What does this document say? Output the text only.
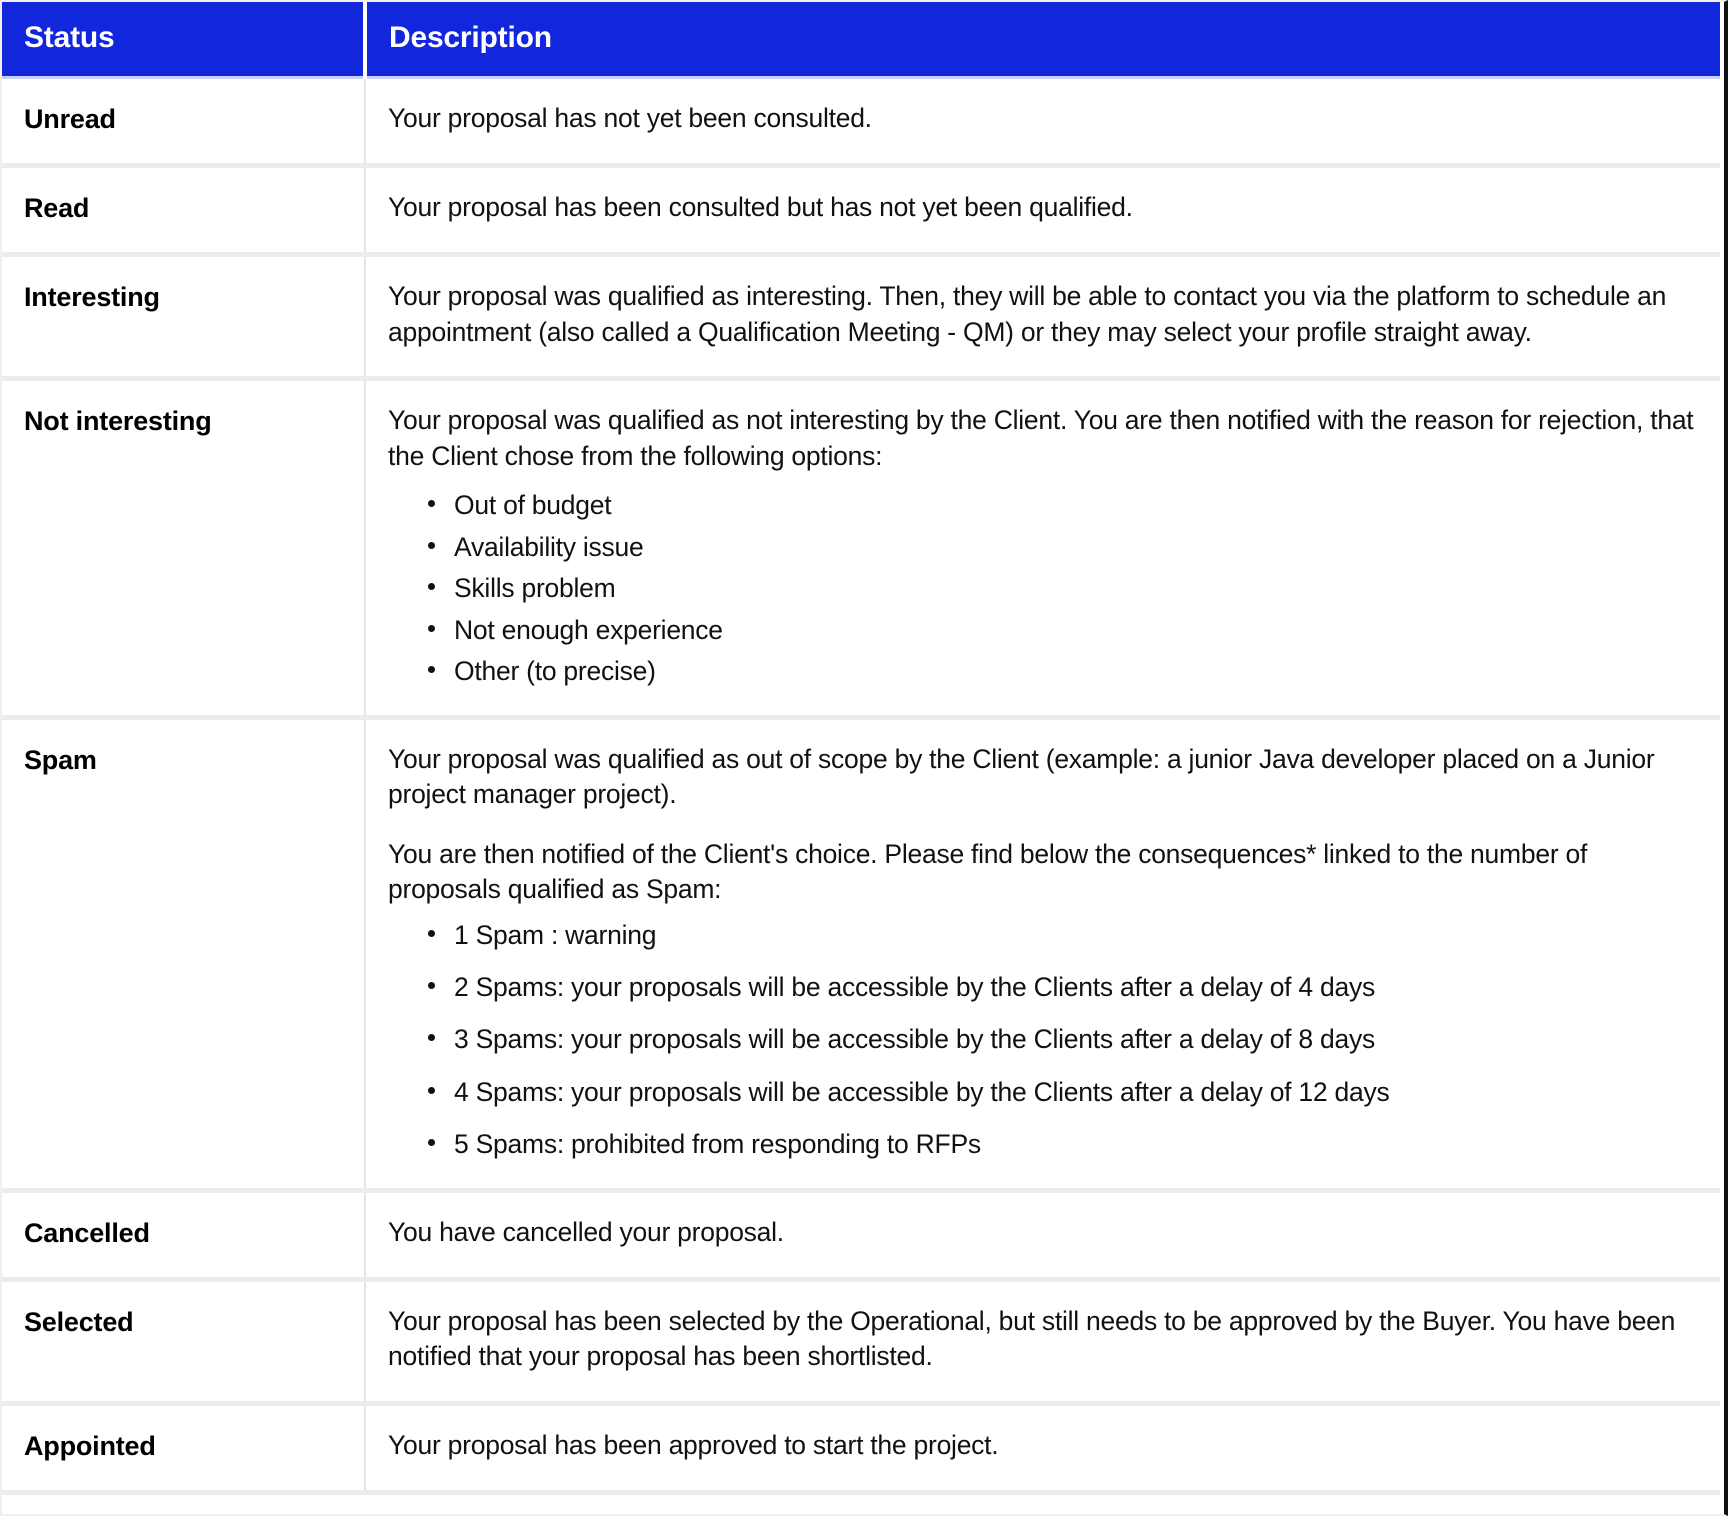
Status	Description
Unread	Your proposal has not yet been consulted.

Read	Your proposal has been consulted but has not yet been qualified.

Interesting	Your proposal was qualified as interesting. Then, they will be able to contact you via the platform to schedule an appointment (also called a Qualification Meeting - QM) or they may select your profile straight away.

Not interesting	Your proposal was qualified as not interesting by the Client. You are then notified with the reason for rejection, that the Client chose from the following options:

Out of budget
Availability issue
Skills problem
Not enough experience
Other (to precise)

Spam	Your proposal was qualified as out of scope by the Client (example: a junior Java developer placed on a Junior project manager project).

You are then notified of the Client's choice. Please find below the consequences* linked to the number of proposals qualified as Spam:

1 Spam : warning
2 Spams: your proposals will be accessible by the Clients after a delay of 4 days
3 Spams: your proposals will be accessible by the Clients after a delay of 8 days
4 Spams: your proposals will be accessible by the Clients after a delay of 12 days
5 Spams: prohibited from responding to RFPs

Cancelled	You have cancelled your proposal.

Selected	Your proposal has been selected by the Operational, but still needs to be approved by the Buyer. You have been notified that your proposal has been shortlisted.

Appointed	Your proposal has been approved to start the project.
